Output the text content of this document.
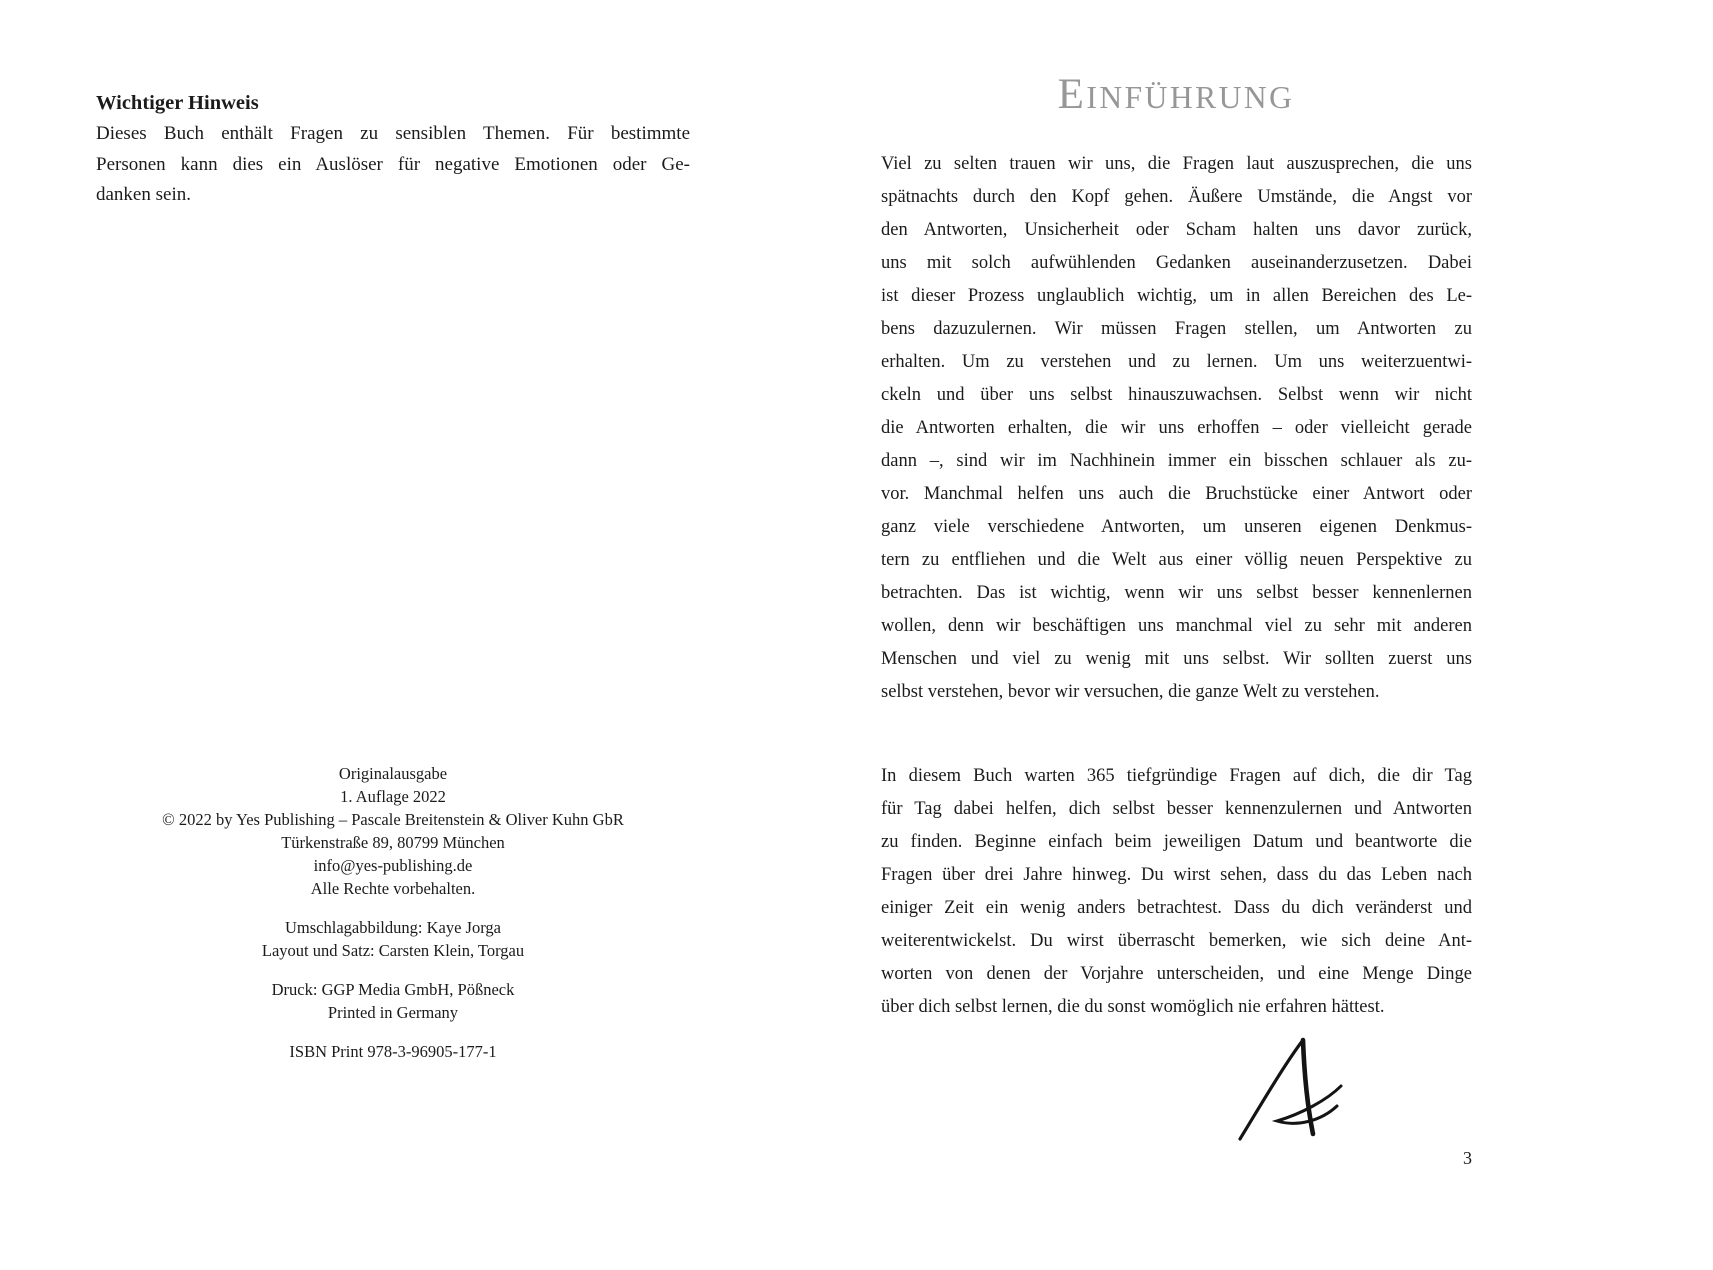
Wichtiger Hinweis
Dieses Buch enthält Fragen zu sensiblen Themen. Für bestimmte
Personen kann dies ein Auslöser für negative Emotionen oder Ge-
danken sein.
Originalausgabe
1. Auflage 2022
© 2022 by Yes Publishing – Pascale Breitenstein & Oliver Kuhn GbR
Türkenstraße 89, 80799 München
info@yes-publishing.de
Alle Rechte vorbehalten.
Umschlagabbildung: Kaye Jorga
Layout und Satz: Carsten Klein, Torgau
Druck: GGP Media GmbH, Pößneck
Printed in Germany
ISBN Print 978-3-96905-177-1
EINFÜHRUNG
Viel zu selten trauen wir uns, die Fragen laut auszusprechen, die uns
spätnachts durch den Kopf gehen. Äußere Umstände, die Angst vor
den Antworten, Unsicherheit oder Scham halten uns davor zurück,
uns mit solch aufwühlenden Gedanken auseinanderzusetzen. Dabei
ist dieser Prozess unglaublich wichtig, um in allen Bereichen des Le-
bens dazuzulernen. Wir müssen Fragen stellen, um Antworten zu
erhalten. Um zu verstehen und zu lernen. Um uns weiterzuentwi-
ckeln und über uns selbst hinauszuwachsen. Selbst wenn wir nicht
die Antworten erhalten, die wir uns erhoffen – oder vielleicht gerade
dann –, sind wir im Nachhinein immer ein bisschen schlauer als zu-
vor. Manchmal helfen uns auch die Bruchstücke einer Antwort oder
ganz viele verschiedene Antworten, um unseren eigenen Denkmus-
tern zu entfliehen und die Welt aus einer völlig neuen Perspektive zu
betrachten. Das ist wichtig, wenn wir uns selbst besser kennenlernen
wollen, denn wir beschäftigen uns manchmal viel zu sehr mit anderen
Menschen und viel zu wenig mit uns selbst. Wir sollten zuerst uns
selbst verstehen, bevor wir versuchen, die ganze Welt zu verstehen.
In diesem Buch warten 365 tiefgründige Fragen auf dich, die dir Tag
für Tag dabei helfen, dich selbst besser kennenzulernen und Antworten
zu finden. Beginne einfach beim jeweiligen Datum und beantworte die
Fragen über drei Jahre hinweg. Du wirst sehen, dass du das Leben nach
einiger Zeit ein wenig anders betrachtest. Dass du dich veränderst und
weiterentwickelst. Du wirst überrascht bemerken, wie sich deine Ant-
worten von denen der Vorjahre unterscheiden, und eine Menge Dinge
über dich selbst lernen, die du sonst womöglich nie erfahren hättest.
3
